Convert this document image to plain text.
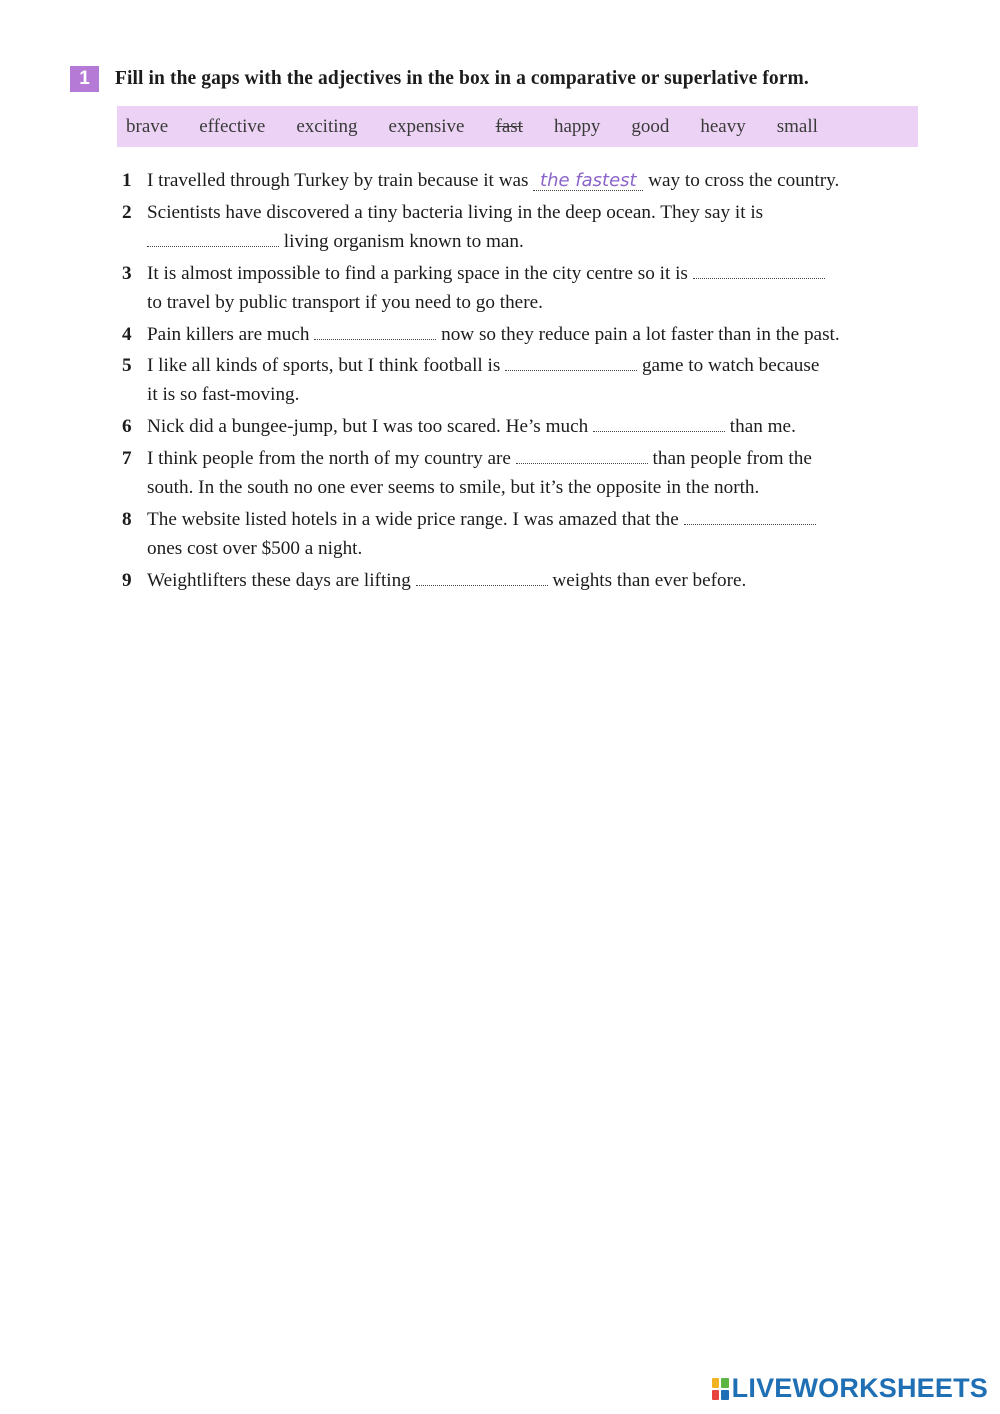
1	Fill in the gaps with the adjectives in the box in a comparative or superlative form.
brave effective exciting expensive fast happy good heavy small
1 I travelled through Turkey by train because it was the fastest way to cross the country.
2 Scientists have discovered a tiny bacteria living in the deep ocean. They say it is
living organism known to man.
3 It is almost impossible to find a parking space in the city centre so it is
to travel by public transport if you need to go there.
4 Pain killers are much	now so they reduce pain a lot faster than in the past.
5 I like all kinds of sports, but I think football is	game to watch because
it is so fast-moving.
6 Nick did a bungee-jump, but I was too scared. He’s much	than me.
7 I think people from the north of my country are	than people from the
south. In the south no one ever seems to smile, but it’s the opposite in the north.
8 The website listed hotels in a wide price range. I was amazed that the
ones cost over $500 a night.
9 Weightlifters these days are lifting	weights than ever before.
LIVEWORKSHEETS
